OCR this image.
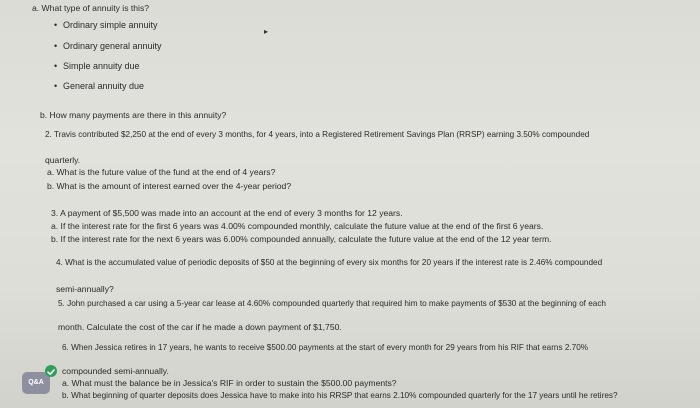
a. What type of annuity is this?
• Ordinary simple annuity
• Ordinary general annuity
• Simple annuity due
• General annuity due
▸
b. How many payments are there in this annuity?
2. Travis contributed $2,250 at the end of every 3 months, for 4 years, into a Registered Retirement Savings Plan (RRSP) earning 3.50% compounded
quarterly.
a. What is the future value of the fund at the end of 4 years?
b. What is the amount of interest earned over the 4-year period?
3. A payment of $5,500 was made into an account at the end of every 3 months for 12 years.
a. If the interest rate for the first 6 years was 4.00% compounded monthly, calculate the future value at the end of the first 6 years.
b. If the interest rate for the next 6 years was 6.00% compounded annually, calculate the future value at the end of the 12 year term.
4. What is the accumulated value of periodic deposits of $50 at the beginning of every six months for 20 years if the interest rate is 2.46% compounded
semi-annually?
5. John purchased a car using a 5-year car lease at 4.60% compounded quarterly that required him to make payments of $530 at the beginning of each
month. Calculate the cost of the car if he made a down payment of $1,750.
6. When Jessica retires in 17 years, he wants to receive $500.00 payments at the start of every month for 29 years from his RIF that earns 2.70%
compounded semi-annually.
a. What must the balance be in Jessica's RIF in order to sustain the $500.00 payments?
b. What beginning of quarter deposits does Jessica have to make into his RRSP that earns 2.10% compounded quarterly for the 17 years until he retires?
Q&A
